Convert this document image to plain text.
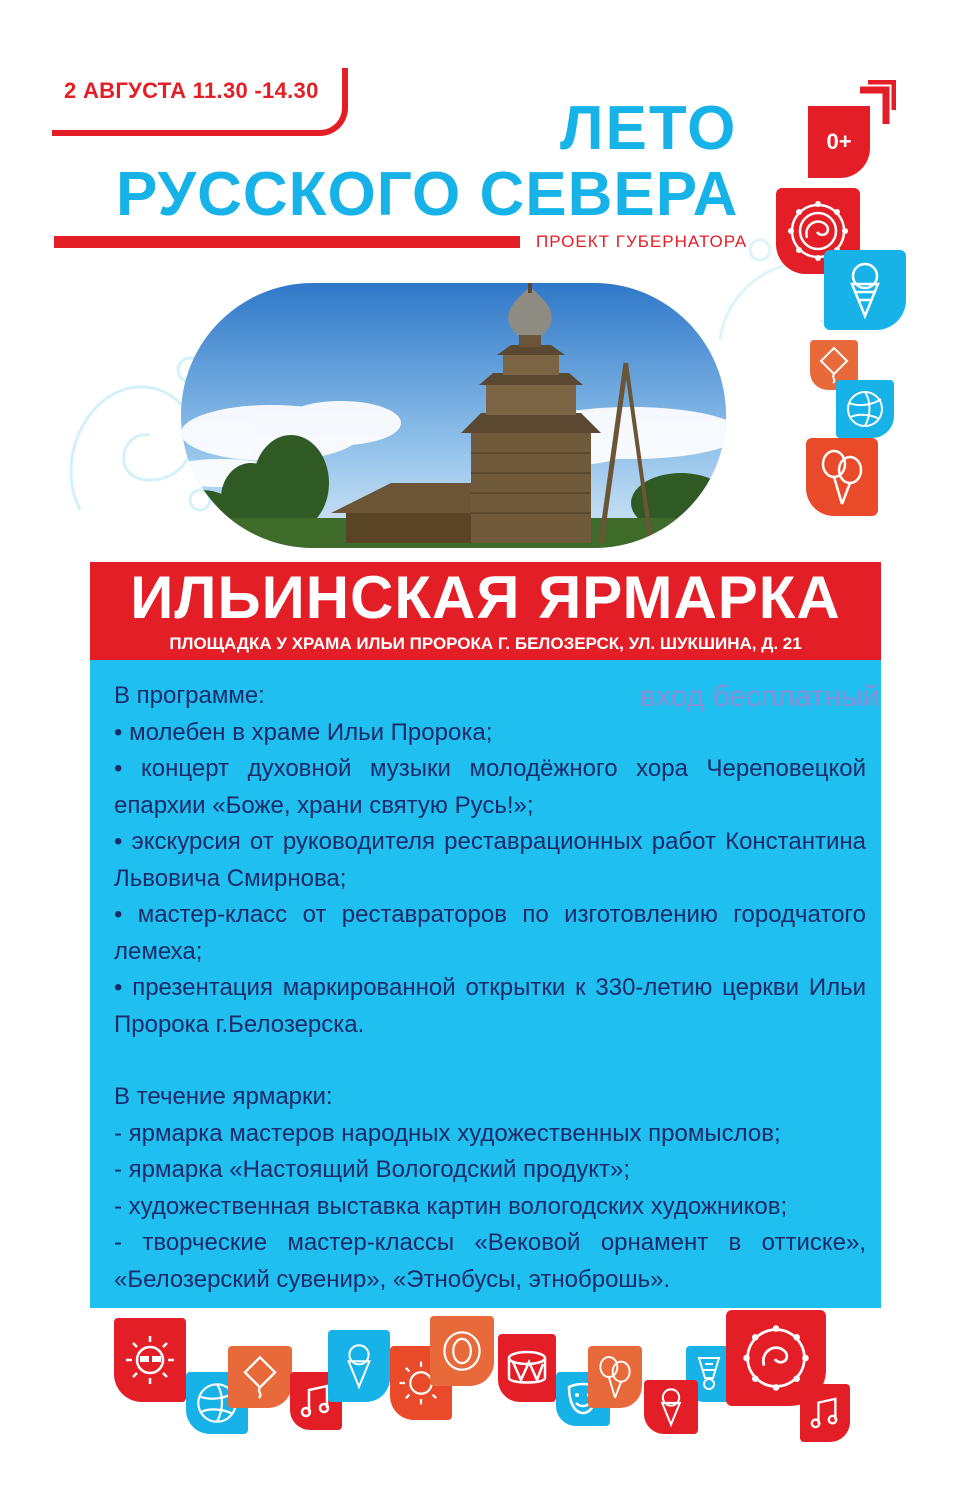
2 АВГУСТА 11.30 -14.30
ЛЕТО
РУССКОГО СЕВЕРА
ПРОЕКТ ГУБЕРНАТОРА
0+
ИЛЬИНСКАЯ ЯРМАРКА
ПЛОЩАДКА У ХРАМА ИЛЬИ ПРОРОКА Г. БЕЛОЗЕРСК, УЛ. ШУКШИНА, Д. 21
вход бесплатный

В программе:

• молебен в храме Ильи Пророка;

• концерт духовной музыки молодёжного хора Череповецкой епархии «Боже, храни святую Русь!»;

• экскурсия от руководителя реставрационных работ Константина Львовича Смирнова;

• мастер-класс от реставраторов по изготовлению городчатого лемеха;

• презентация маркированной открытки к 330-летию церкви Ильи Пророка г.Белозерска.

В течение ярмарки:

- ярмарка мастеров народных художественных промыслов;

- ярмарка «Настоящий Вологодский продукт»;

- художественная выставка картин вологодских художников;

- творческие мастер-классы «Вековой орнамент в оттиске», «Белозерский сувенир», «Этнобусы, этноброшь».
